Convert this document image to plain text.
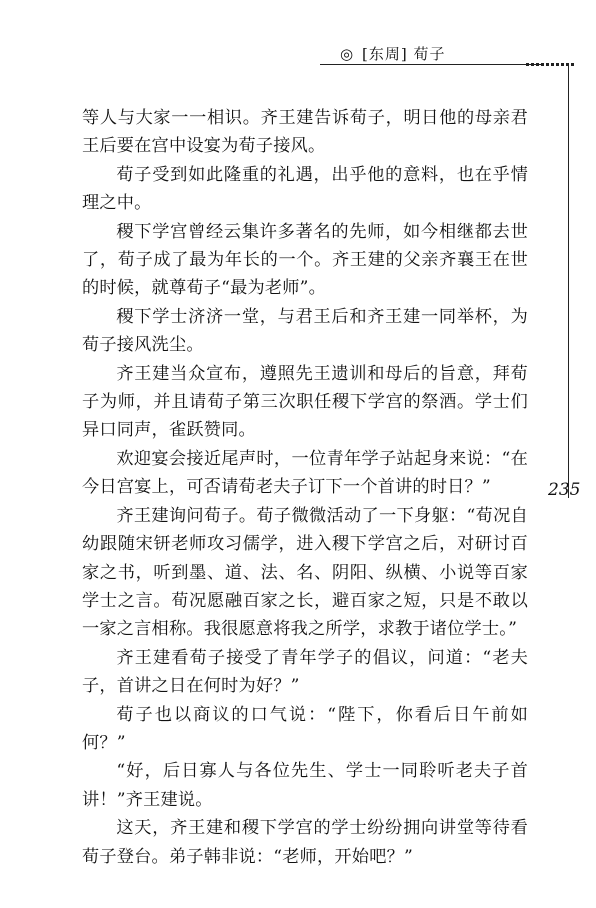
◎ [东周] 荀子
235

等人与大家一一相识。齐王建告诉荀子，明日他的母亲君王后要在宫中设宴为荀子接风。

荀子受到如此隆重的礼遇，出乎他的意料，也在乎情理之中。

稷下学宫曾经云集许多著名的先师，如今相继都去世了，荀子成了最为年长的一个。齐王建的父亲齐襄王在世的时候，就尊荀子“最为老师”。

稷下学士济济一堂，与君王后和齐王建一同举杯，为荀子接风洗尘。

齐王建当众宣布，遵照先王遗训和母后的旨意，拜荀子为师，并且请荀子第三次职任稷下学宫的祭酒。学士们异口同声，雀跃赞同。

欢迎宴会接近尾声时，一位青年学子站起身来说：“在今日宫宴上，可否请荀老夫子订下一个首讲的时日？”

齐王建询问荀子。荀子微微活动了一下身躯：“荀况自幼跟随宋钘老师攻习儒学，进入稷下学宫之后，对研讨百家之书，听到墨、道、法、名、阴阳、纵横、小说等百家学士之言。荀况愿融百家之长，避百家之短，只是不敢以一家之言相称。我很愿意将我之所学，求教于诸位学士。”

齐王建看荀子接受了青年学子的倡议，问道：“老夫子，首讲之日在何时为好？”

荀子也以商议的口气说：“陛下，你看后日午前如何？”

“好，后日寡人与各位先生、学士一同聆听老夫子首讲！”齐王建说。

这天，齐王建和稷下学宫的学士纷纷拥向讲堂等待看荀子登台。弟子韩非说：“老师，开始吧？”
